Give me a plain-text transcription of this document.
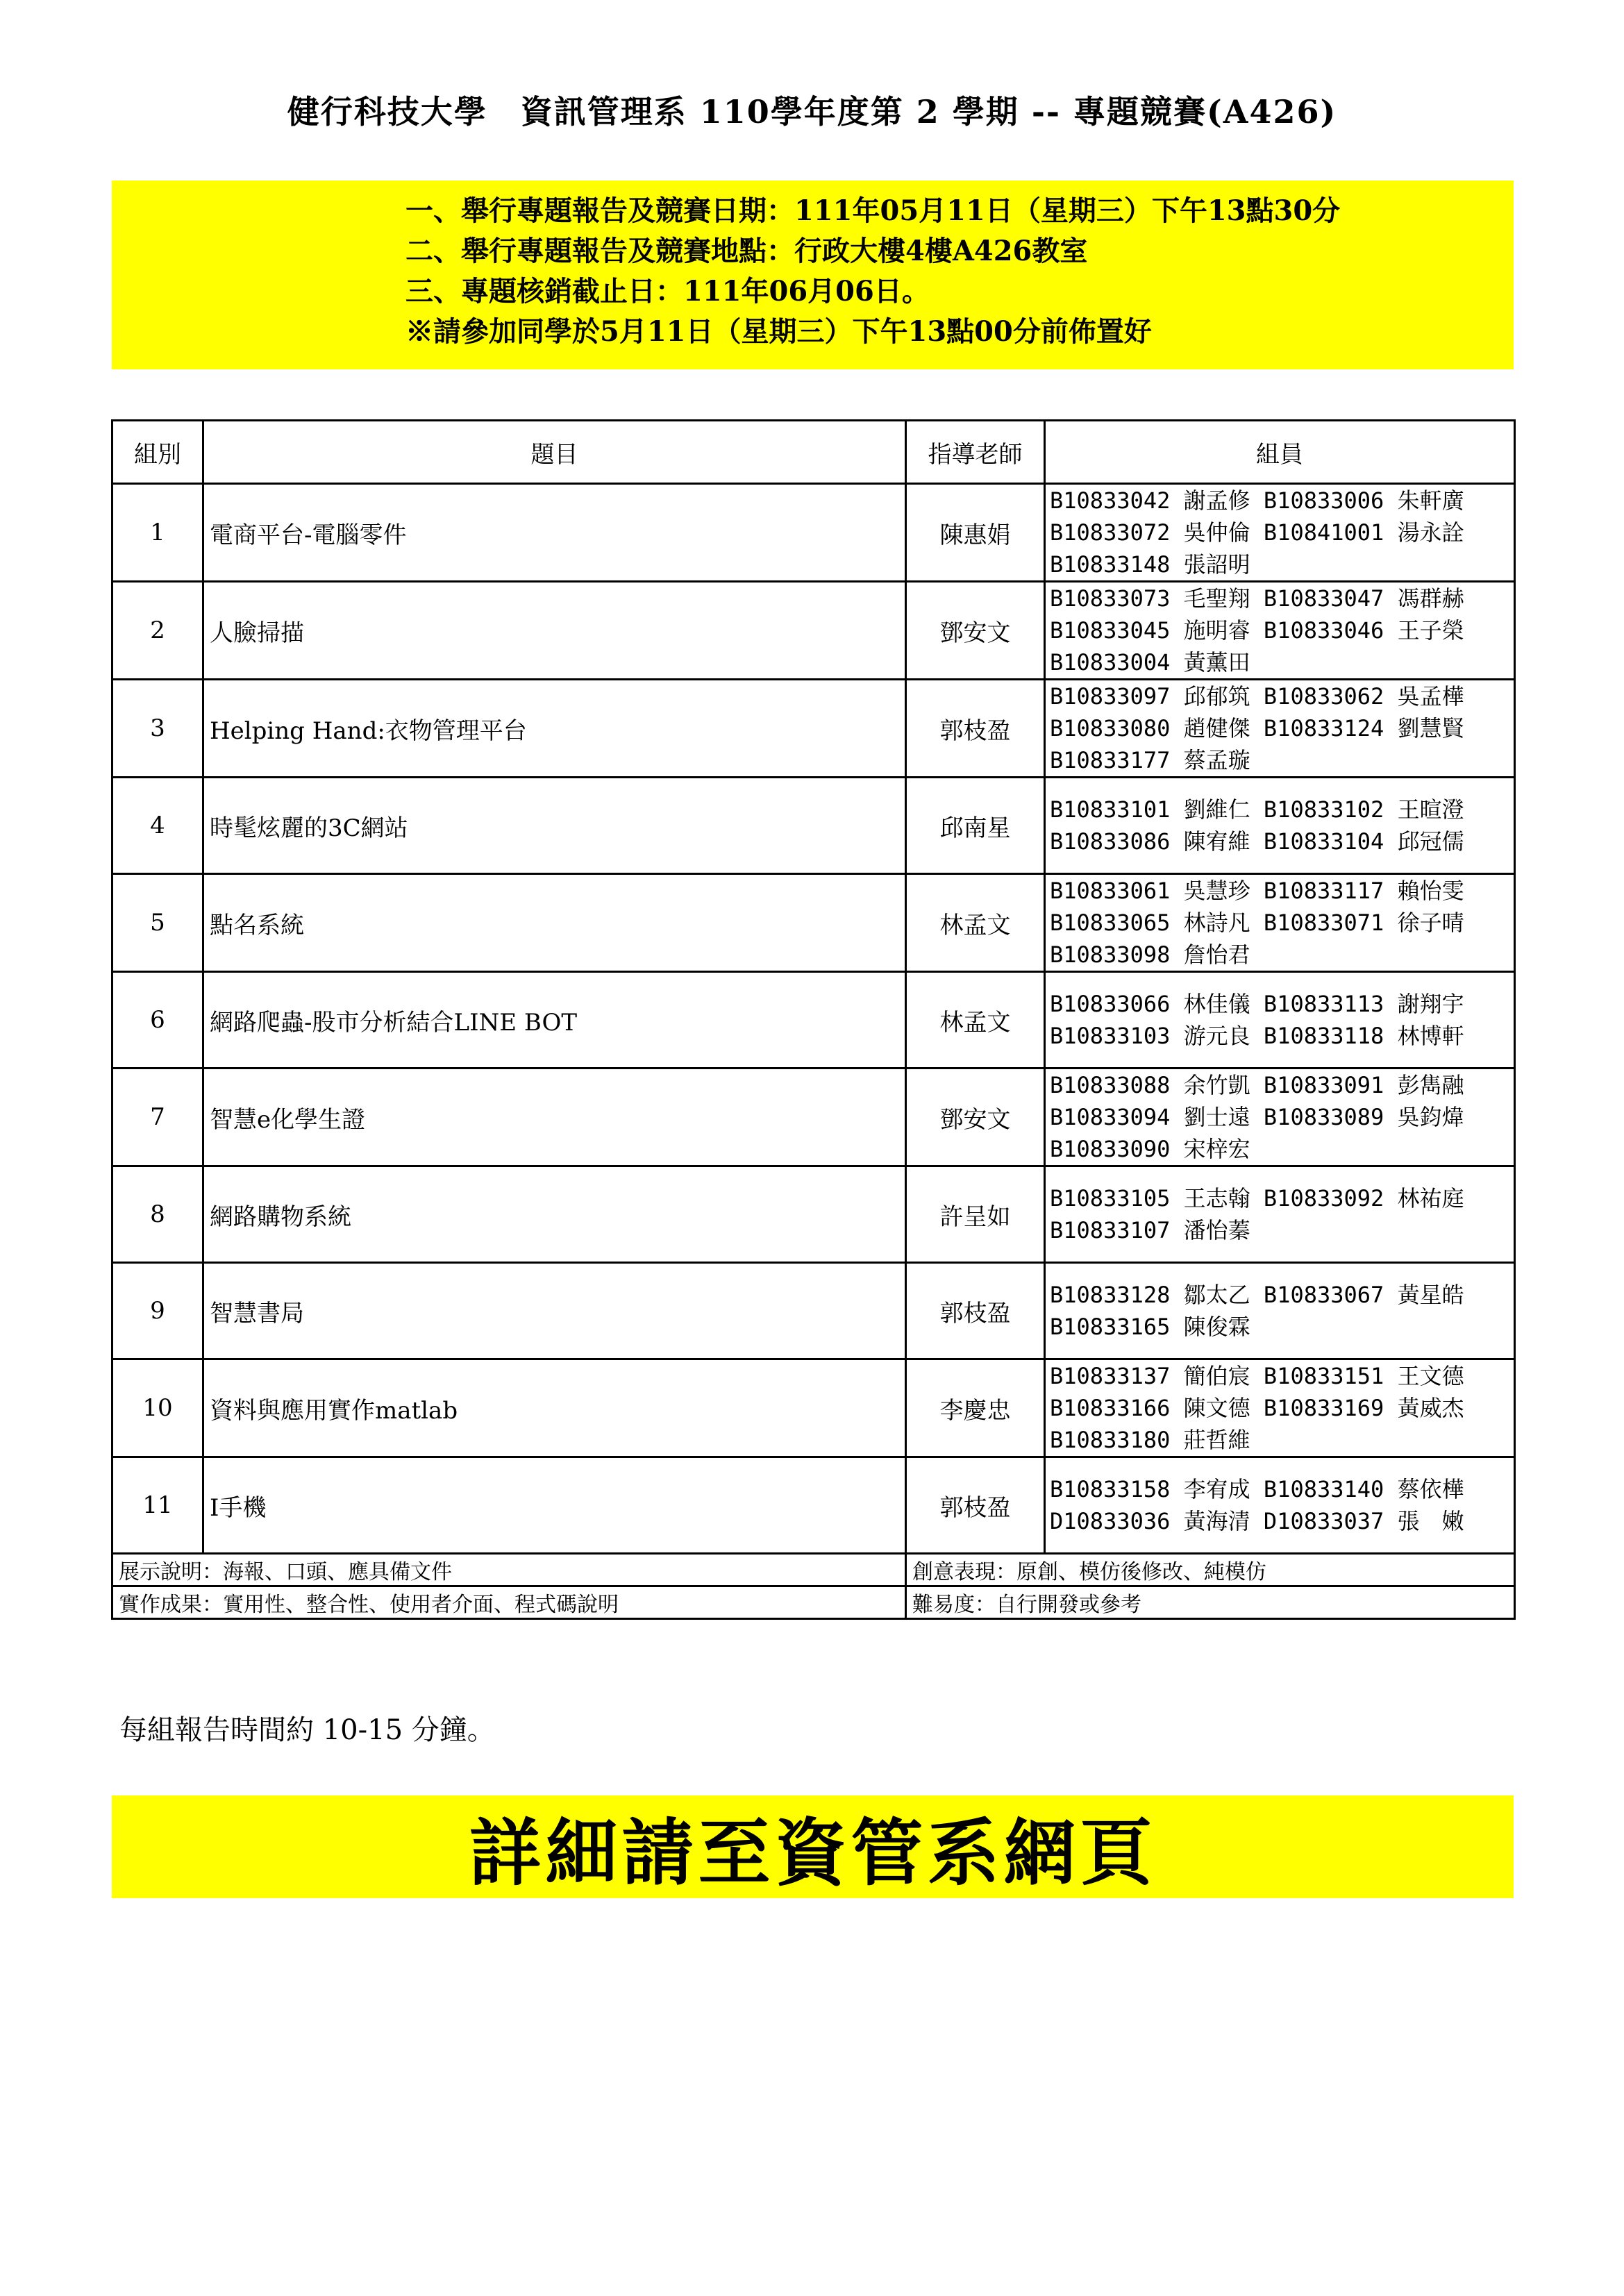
健行科技大學　資訊管理系 110學年度第 2 學期 -- 專題競賽(A426)
一、舉行專題報告及競賽日期：111年05月11日（星期三）下午13點30分
二、舉行專題報告及競賽地點：行政大樓4樓A426教室
三、專題核銷截止日：111年06月06日。
※請參加同學於5月11日（星期三）下午13點00分前佈置好
組別	題目	指導老師	組員
1	電商平台-電腦零件	陳惠娟	B10833042 謝孟修 B10833006 朱軒廣
B10833072 吳仲倫 B10841001 湯永詮
B10833148 張詔明
2	人臉掃描	鄧安文	B10833073 毛聖翔 B10833047 馮群赫
B10833045 施明睿 B10833046 王子榮
B10833004 黃薰田
3	Helping Hand:衣物管理平台	郭枝盈	B10833097 邱郁筑 B10833062 吳孟樺
B10833080 趙健傑 B10833124 劉慧賢
B10833177 蔡孟璇
4	時髦炫麗的3C網站	邱南星	B10833101 劉維仁 B10833102 王暄澄
B10833086 陳宥維 B10833104 邱冠儒
5	點名系統	林孟文	B10833061 吳慧珍 B10833117 賴怡雯
B10833065 林詩凡 B10833071 徐子晴
B10833098 詹怡君
6	網路爬蟲-股市分析結合LINE BOT	林孟文	B10833066 林佳儀 B10833113 謝翔宇
B10833103 游元良 B10833118 林博軒
7	智慧e化學生證	鄧安文	B10833088 余竹凱 B10833091 彭雋融
B10833094 劉士遠 B10833089 吳鈞煒
B10833090 宋梓宏
8	網路購物系統	許呈如	B10833105 王志翰 B10833092 林祐庭
B10833107 潘怡蓁
9	智慧書局	郭枝盈	B10833128 鄒太乙 B10833067 黃星皓
B10833165 陳俊霖
10	資料與應用實作matlab	李慶忠	B10833137 簡伯宸 B10833151 王文德
B10833166 陳文德 B10833169 黃威杰
B10833180 莊哲維
11	I手機	郭枝盈	B10833158 李宥成 B10833140 蔡依樺
D10833036 黃海清 D10833037 張　嫩
展示說明：海報、口頭、應具備文件		創意表現：原創、模仿後修改、純模仿	
實作成果：實用性、整合性、使用者介面、程式碼說明		難易度：自行開發或參考	
每組報告時間約 10-15 分鐘。
詳細請至資管系網頁
